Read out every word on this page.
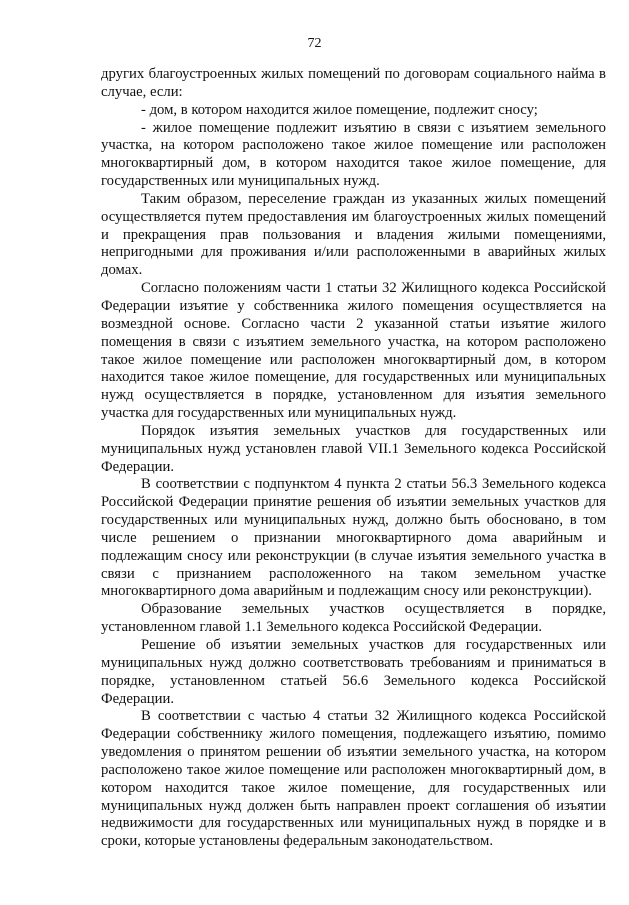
72

других благоустроенных жилых помещений по договорам социального найма в случае, если:

- дом, в котором находится жилое помещение, подлежит сносу;

- жилое помещение подлежит изъятию в связи с изъятием земельного участка, на котором расположено такое жилое помещение или расположен многоквартирный дом, в котором находится такое жилое помещение, для государственных или муниципальных нужд.

Таким образом, переселение граждан из указанных жилых помещений осуществляется путем предоставления им благоустроенных жилых помещений и прекращения прав пользования и владения жилыми помещениями, непригодными для проживания и/или расположенными в аварийных жилых домах.

Согласно положениям части 1 статьи 32 Жилищного кодекса Российской Федерации изъятие у собственника жилого помещения осуществляется на возмездной основе. Согласно части 2 указанной статьи изъятие жилого помещения в связи с изъятием земельного участка, на котором расположено такое жилое помещение или расположен многоквартирный дом, в котором находится такое жилое помещение, для государственных или муниципальных нужд осуществляется в порядке, установленном для изъятия земельного участка для государственных или муниципальных нужд.

Порядок изъятия земельных участков для государственных или муниципальных нужд установлен главой VII.1 Земельного кодекса Российской Федерации.

В соответствии с подпунктом 4 пункта 2 статьи 56.3 Земельного кодекса Российской Федерации принятие решения об изъятии земельных участков для государственных или муниципальных нужд, должно быть обосновано, в том числе решением о признании многоквартирного дома аварийным и подлежащим сносу или реконструкции (в случае изъятия земельного участка в связи с признанием расположенного на таком земельном участке многоквартирного дома аварийным и подлежащим сносу или реконструкции).

Образование земельных участков осуществляется в порядке, установленном главой 1.1 Земельного кодекса Российской Федерации.

Решение об изъятии земельных участков для государственных или муниципальных нужд должно соответствовать требованиям и приниматься в порядке, установленном статьей 56.6 Земельного кодекса Российской Федерации.

В соответствии с частью 4 статьи 32 Жилищного кодекса Российской Федерации собственнику жилого помещения, подлежащего изъятию, помимо уведомления о принятом решении об изъятии земельного участка, на котором расположено такое жилое помещение или расположен многоквартирный дом, в котором находится такое жилое помещение, для государственных или муниципальных нужд должен быть направлен проект соглашения об изъятии недвижимости для государственных или муниципальных нужд в порядке и в сроки, которые установлены федеральным законодательством.
